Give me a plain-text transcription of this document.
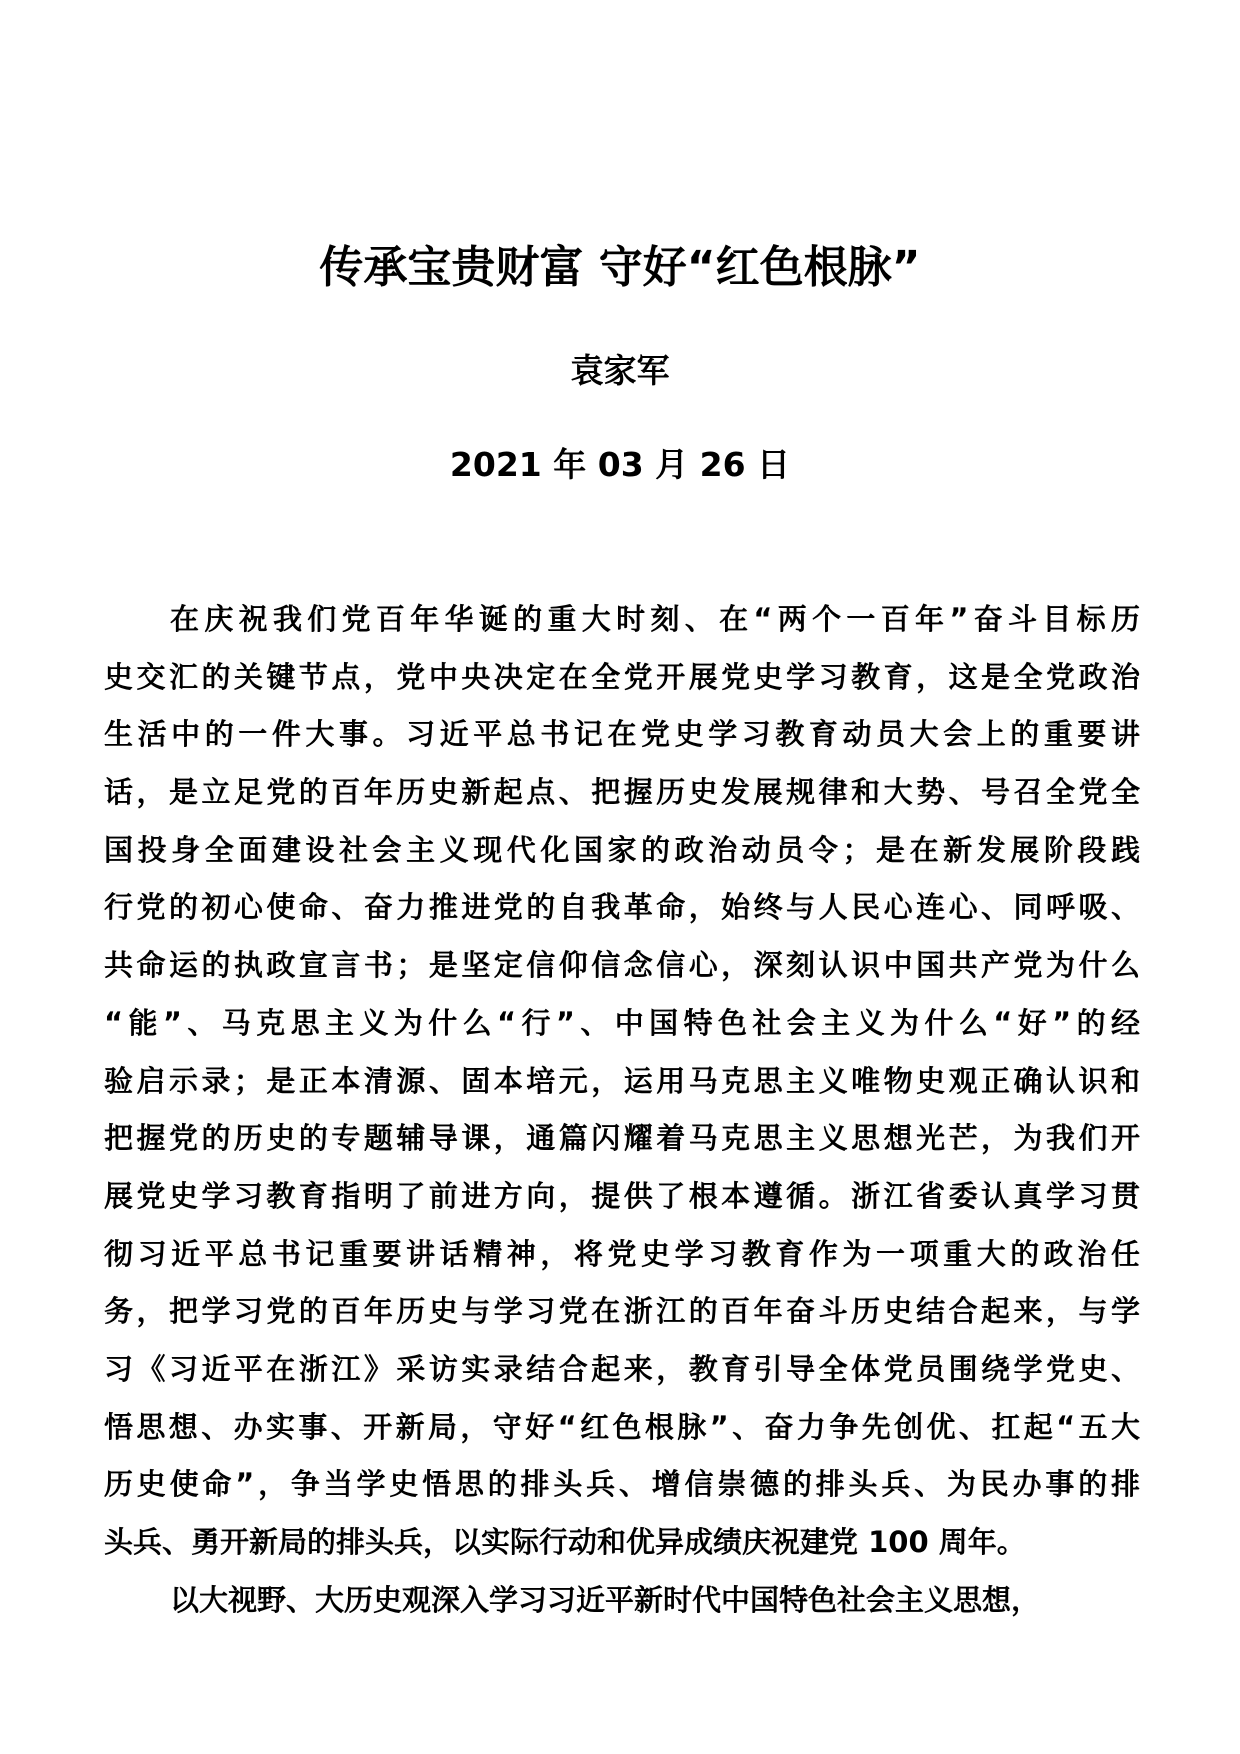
传承宝贵财富 守好“红色根脉”
袁家军
2021 年 03 月 26 日
在庆祝我们党百年华诞的重大时刻、在“两个一百年”奋斗目标历
史交汇的关键节点，党中央决定在全党开展党史学习教育，这是全党政治
生活中的一件大事。习近平总书记在党史学习教育动员大会上的重要讲
话，是立足党的百年历史新起点、把握历史发展规律和大势、号召全党全
国投身全面建设社会主义现代化国家的政治动员令；是在新发展阶段践
行党的初心使命、奋力推进党的自我革命，始终与人民心连心、同呼吸、
共命运的执政宣言书；是坚定信仰信念信心，深刻认识中国共产党为什么
“能”、马克思主义为什么“行”、中国特色社会主义为什么“好”的经
验启示录；是正本清源、固本培元，运用马克思主义唯物史观正确认识和
把握党的历史的专题辅导课，通篇闪耀着马克思主义思想光芒，为我们开
展党史学习教育指明了前进方向，提供了根本遵循。浙江省委认真学习贯
彻习近平总书记重要讲话精神，将党史学习教育作为一项重大的政治任
务，把学习党的百年历史与学习党在浙江的百年奋斗历史结合起来，与学
习《习近平在浙江》采访实录结合起来，教育引导全体党员围绕学党史、
悟思想、办实事、开新局，守好“红色根脉”、奋力争先创优、扛起“五大
历史使命”，争当学史悟思的排头兵、增信崇德的排头兵、为民办事的排
头兵、勇开新局的排头兵，以实际行动和优异成绩庆祝建党 100 周年。
以大视野、大历史观深入学习习近平新时代中国特色社会主义思想，
